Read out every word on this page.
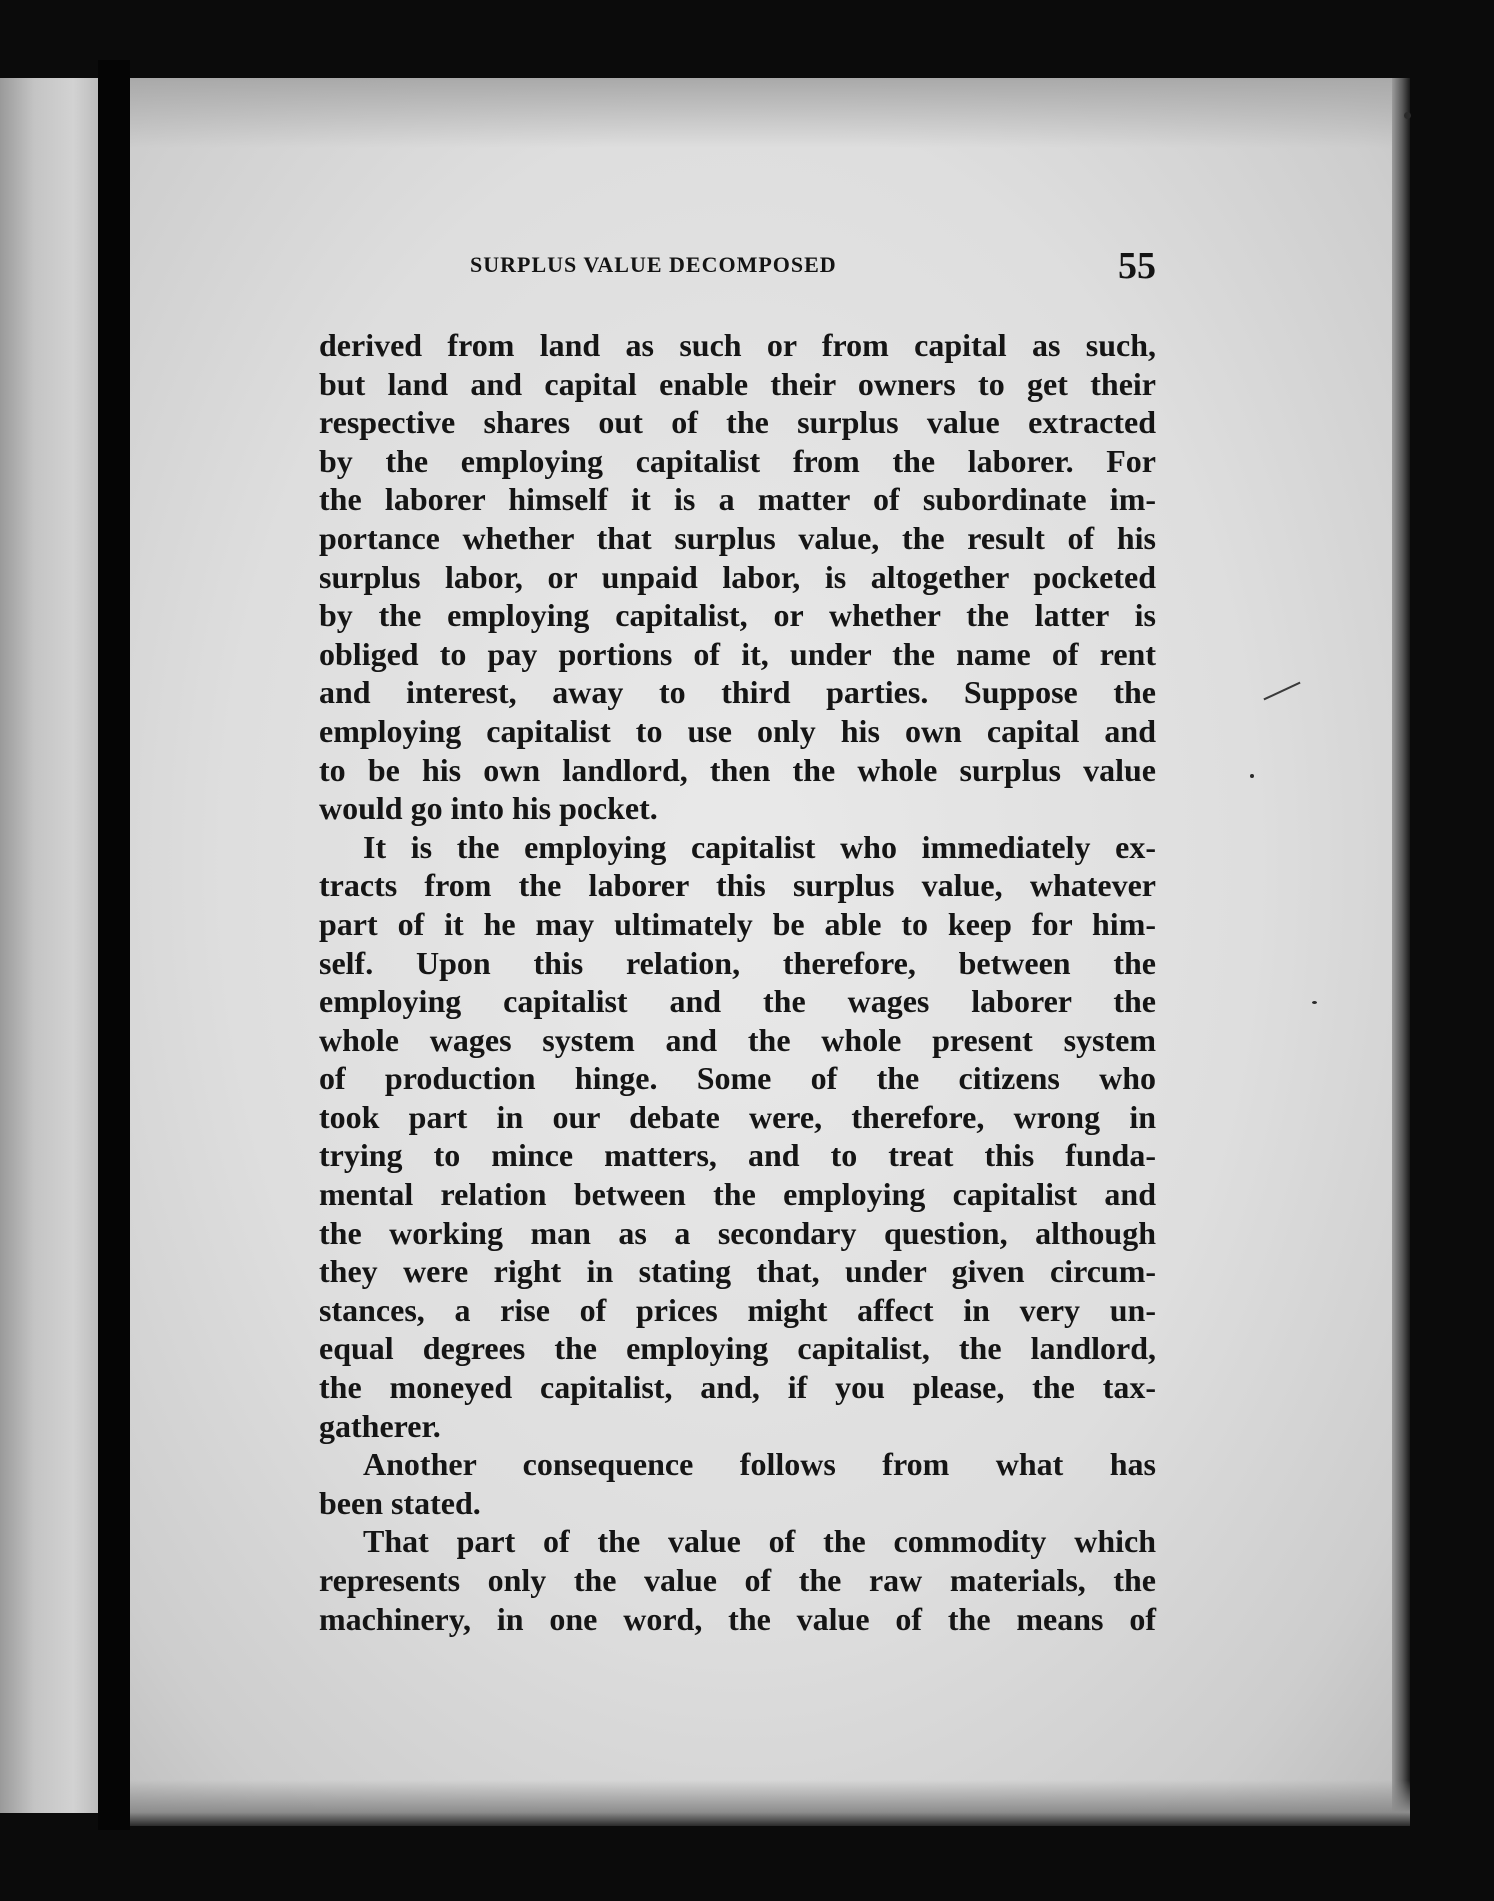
SURPLUS VALUE DECOMPOSED	55
derived from land as such or from capital as such,
but land and capital enable their owners to get their
respective shares out of the surplus value extracted
by the employing capitalist from the laborer. For
the laborer himself it is a matter of subordinate im-
portance whether that surplus value, the result of his
surplus labor, or unpaid labor, is altogether pocketed
by the employing capitalist, or whether the latter is
obliged to pay portions of it, under the name of rent
and interest, away to third parties. Suppose the
employing capitalist to use only his own capital and
to be his own landlord, then the whole surplus value
would go into his pocket.
It is the employing capitalist who immediately ex-
tracts from the laborer this surplus value, whatever
part of it he may ultimately be able to keep for him-
self. Upon this relation, therefore, between the
employing capitalist and the wages laborer the
whole wages system and the whole present system
of production hinge. Some of the citizens who
took part in our debate were, therefore, wrong in
trying to mince matters, and to treat this funda-
mental relation between the employing capitalist and
the working man as a secondary question, although
they were right in stating that, under given circum-
stances, a rise of prices might affect in very un-
equal degrees the employing capitalist, the landlord,
the moneyed capitalist, and, if you please, the tax-
gatherer.
Another consequence follows from what has
been stated.
That part of the value of the commodity which
represents only the value of the raw materials, the
machinery, in one word, the value of the means of
